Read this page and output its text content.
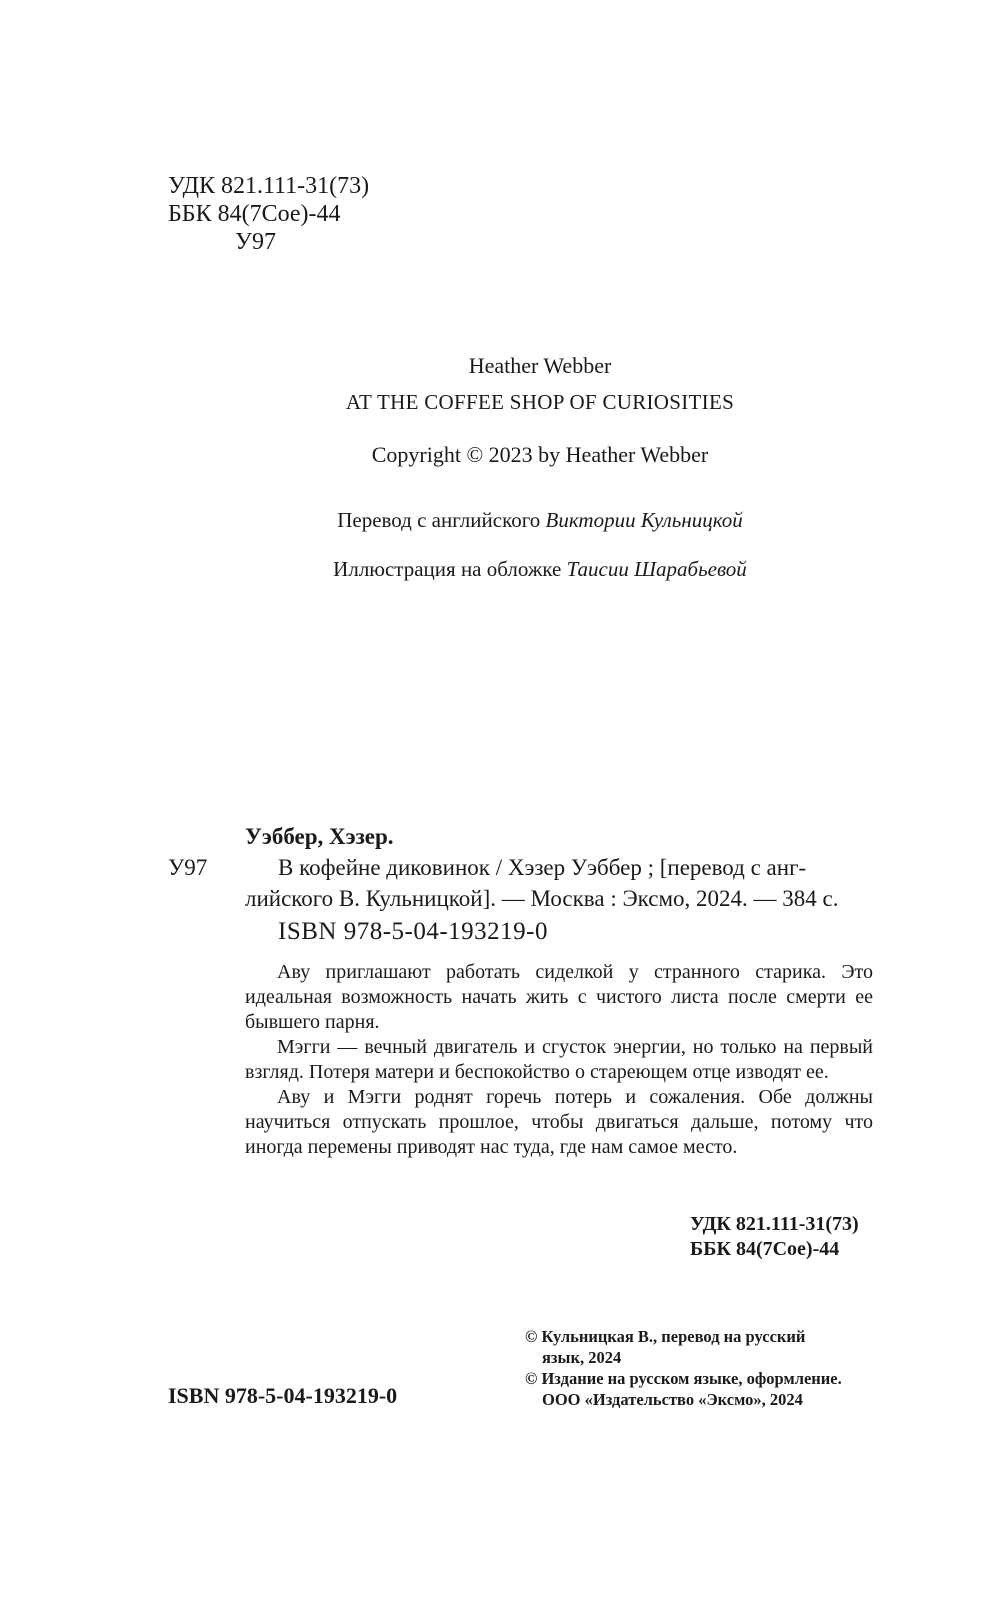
УДК 821.111-31(73)
ББК 84(7Сое)-44
У97
Heather Webber
AT THE COFFEE SHOP OF CURIOSITIES
Copyright © 2023 by Heather Webber
Перевод с английского Виктории Кульницкой
Иллюстрация на обложке Таисии Шарабьевой
Уэббер, Хэзер.
У97	В кофейне диковинок / Хэзер Уэббер ; [перевод с анг-
лийского В. Кульницкой]. — Москва : Эксмо, 2024. — 384 с.
ISBN 978-5-04-193219-0

Аву приглашают работать сиделкой у странного старика. Это идеальная возможность начать жить с чистого листа после смерти ее бывшего парня.

Мэгги — вечный двигатель и сгусток энергии, но только на первый взгляд. Потеря матери и беспокойство о стареющем отце изводят ее.

Аву и Мэгги роднят горечь потерь и сожаления. Обе должны научиться отпускать прошлое, чтобы двигаться дальше, потому что иногда перемены приводят нас туда, где нам самое место.

УДК 821.111-31(73)
ББК 84(7Сое)-44
© Кульницкая В., перевод на русский
язык, 2024
© Издание на русском языке, оформление.
ООО «Издательство «Эксмо», 2024
ISBN 978-5-04-193219-0
